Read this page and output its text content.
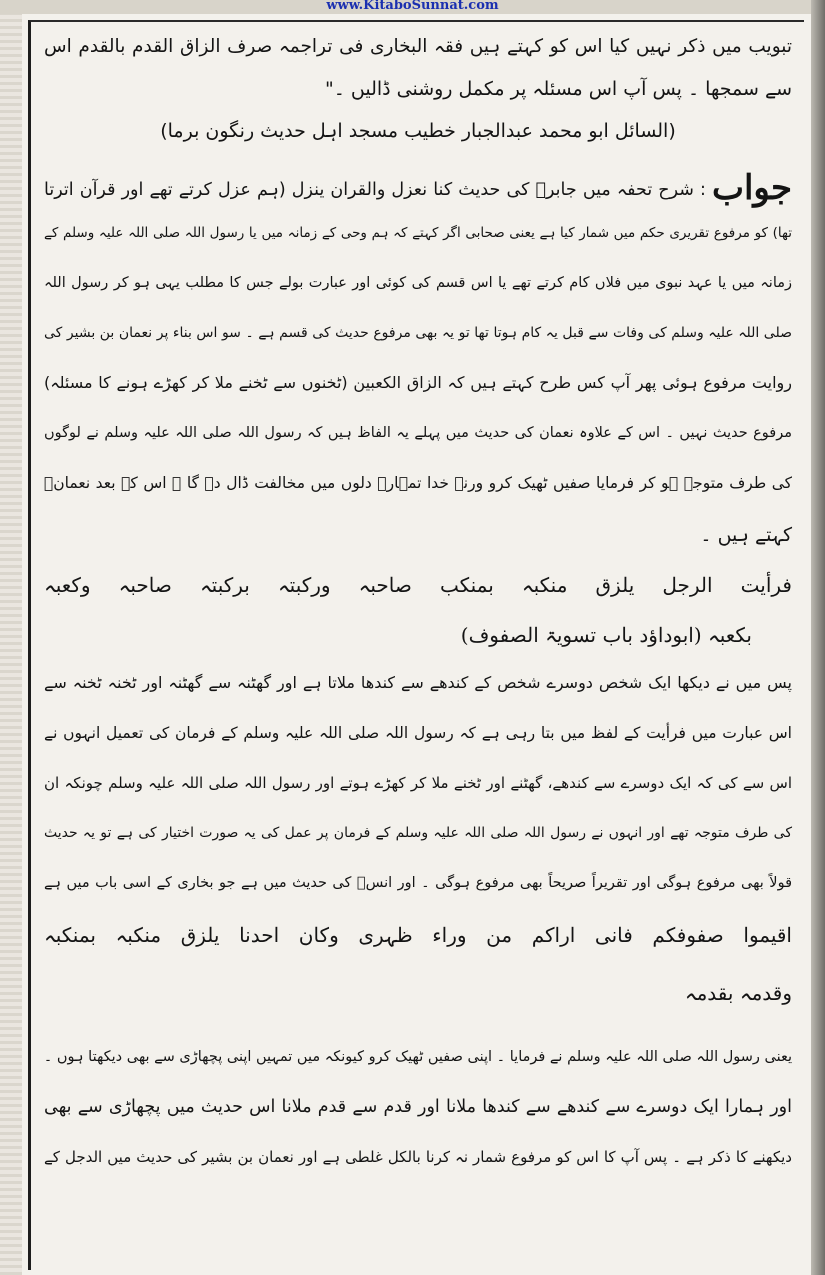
www.KitaboSunnat.com
تبویب میں ذکر نہیں کیا اس کو کہتے ہیں فقہ البخاری فی تراجمہ صرف الزاق القدم بالقدم اس
سے سمجھا ۔ پس آپ اس مسئلہ پر مکمل روشنی ڈالیں ۔"
(السائل ابو محمد عبدالجبار خطیب مسجد اہل حدیث رنگون برما)
جواب: شرح تحفہ میں جابرؓ کی حدیث کنا نعزل والقران ینزل (ہم عزل کرتے تھے اور قرآن اترتا
تھا) کو مرفوع تقریری حکم میں شمار کیا ہے یعنی صحابی اگر کہتے کہ ہم وحی کے زمانہ میں یا رسول اللہ صلی اللہ علیہ وسلم کے
زمانہ میں یا عہد نبوی میں فلاں کام کرتے تھے یا اس قسم کی کوئی اور عبارت بولے جس کا مطلب یہی ہو کر رسول اللہ
صلی اللہ علیہ وسلم کی وفات سے قبل یہ کام ہوتا تھا تو یہ بھی مرفوع حدیث کی قسم ہے ۔ سو اس بناء پر نعمان بن بشیر کی
روایت مرفوع ہوئی پھر آپ کس طرح کہتے ہیں کہ الزاق الکعبین (ٹخنوں سے ٹخنے ملا کر کھڑے ہونے کا مسئلہ)
مرفوع حدیث نہیں ۔ اس کے علاوہ نعمان کی حدیث میں پہلے یہ الفاظ ہیں کہ رسول اللہ صلی اللہ علیہ وسلم نے لوگوں
کی طرف متوجہ ہو کر فرمایا صفیں ٹھیک کرو ورنہ خدا تمہارے دلوں میں مخالفت ڈال دے گا ۔ اس کے بعد نعمانؓ
کہتے ہیں ۔
فرأیت الرجل یلزق منکبہ بمنکب صاحبہ ورکبتہ برکبتہ صاحبہ وکعبہ
بکعبہ (ابوداؤد باب تسویۃ الصفوف)
پس میں نے دیکھا ایک شخص دوسرے شخص کے کندھے سے کندھا ملاتا ہے اور گھٹنہ سے گھٹنہ اور ٹخنہ ٹخنہ سے
اس عبارت میں فرأیت کے لفظ میں بتا رہی ہے کہ رسول اللہ صلی اللہ علیہ وسلم کے فرمان کی تعمیل انہوں نے
اس سے کی کہ ایک دوسرے سے کندھے، گھٹنے اور ٹخنے ملا کر کھڑے ہوتے اور رسول اللہ صلی اللہ علیہ وسلم چونکہ ان
کی طرف متوجہ تھے اور انہوں نے رسول اللہ صلی اللہ علیہ وسلم کے فرمان پر عمل کی یہ صورت اختیار کی ہے تو یہ حدیث
قولاً بھی مرفوع ہوگی اور تقریراً صریحاً بھی مرفوع ہوگی ۔ اور انسؓ کی حدیث میں ہے جو بخاری کے اسی باب میں ہے
اقیموا صفوفکم فانی اراکم من وراء ظہری وکان احدنا یلزق منکبہ بمنکبہ
وقدمہ بقدمہ
یعنی رسول اللہ صلی اللہ علیہ وسلم نے فرمایا ۔ اپنی صفیں ٹھیک کرو کیونکہ میں تمہیں اپنی پچھاڑی سے بھی دیکھتا ہوں ۔
اور ہمارا ایک دوسرے سے کندھے سے کندھا ملانا اور قدم سے قدم ملانا اس حدیث میں پچھاڑی سے بھی
دیکھنے کا ذکر ہے ۔ پس آپ کا اس کو مرفوع شمار نہ کرنا بالکل غلطی ہے اور نعمان بن بشیر کی حدیث میں الدجل کے
